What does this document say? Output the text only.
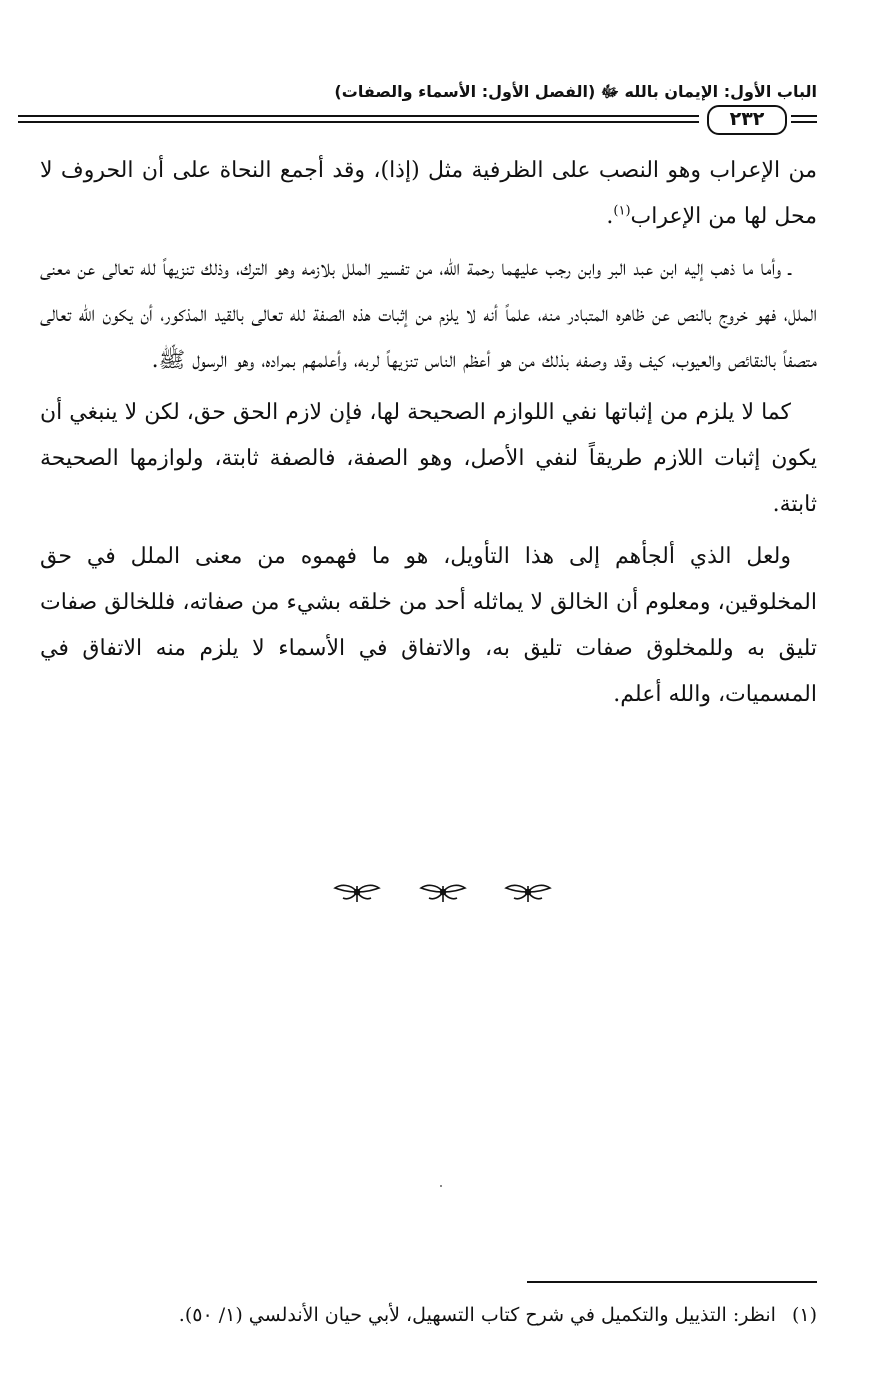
الباب الأول: الإيمان بالله ﷻ (الفصل الأول: الأسماء والصفات)
٢٣٢

من الإعراب وهو النصب على الظرفية مثل (إذا)، وقد أجمع النحاة على أن الحروف لا محل لها من الإعراب$^{(١)}$.

ـ وأما ما ذهب إليه ابن عبد البر وابن رجب عليهما رحمة الله، من تفسير الملل بلازمه وهو الترك، وذلك تنزيهاً لله تعالى عن معنى الملل، فهو خروج بالنص عن ظاهره المتبادر منه، علماً أنه لا يلزم من إثبات هذه الصفة لله تعالى بالقيد المذكور، أن يكون الله تعالى متصفاً بالنقائص والعيوب، كيف وقد وصفه بذلك من هو أعظم الناس تنزيهاً لربه، وأعلمهم بمراده، وهو الرسول ﷺ.

كما لا يلزم من إثباتها نفي اللوازم الصحيحة لها، فإن لازم الحق حق، لكن لا ينبغي أن يكون إثبات اللازم طريقاً لنفي الأصل، وهو الصفة، فالصفة ثابتة، ولوازمها الصحيحة ثابتة.

ولعل الذي ألجأهم إلى هذا التأويل، هو ما فهموه من معنى الملل في حق المخلوقين، ومعلوم أن الخالق لا يماثله أحد من خلقه بشيء من صفاته، فللخالق صفات تليق به وللمخلوق صفات تليق به، والاتفاق في الأسماء لا يلزم منه الاتفاق في المسميات، والله أعلم.

(١) انظر: التذييل والتكميل في شرح كتاب التسهيل، لأبي حيان الأندلسي (١/ ٥٠).
